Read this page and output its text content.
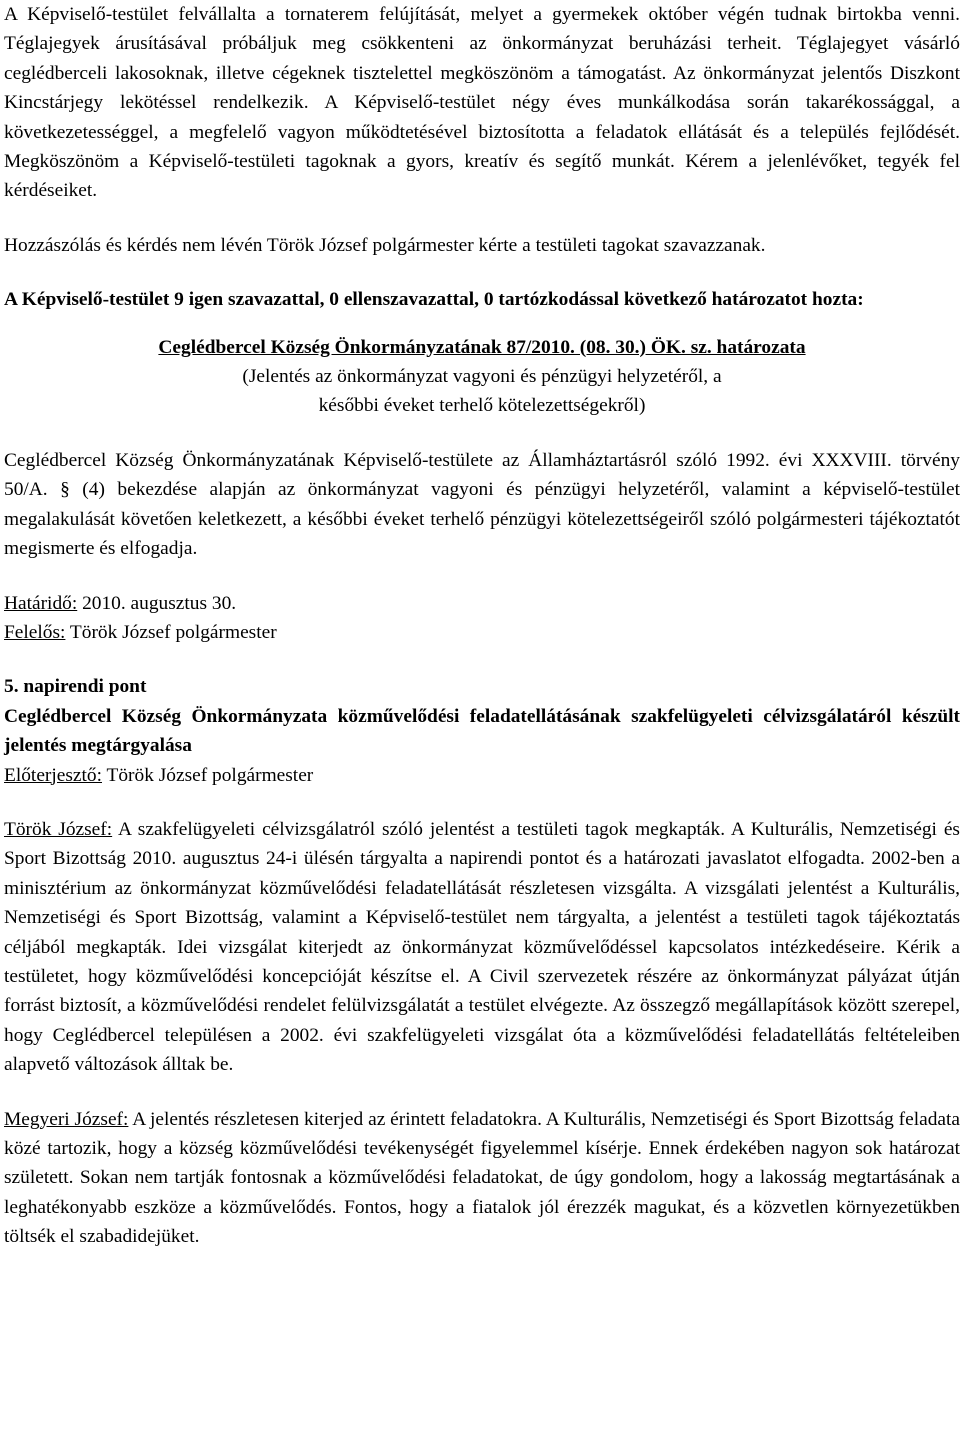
A Képviselő-testület felvállalta a tornaterem felújítását, melyet a gyermekek október végén tudnak birtokba venni. Téglajegyek árusításával próbáljuk meg csökkenteni az önkormányzat beruházási terheit. Téglajegyet vásárló ceglédberceli lakosoknak, illetve cégeknek tisztelettel megköszönöm a támogatást. Az önkormányzat jelentős Diszkont Kincstárjegy lekötéssel rendelkezik. A Képviselő-testület négy éves munkálkodása során takarékossággal, a következetességgel, a megfelelő vagyon működtetésével biztosította a feladatok ellátását és a település fejlődését. Megköszönöm a Képviselő-testületi tagoknak a gyors, kreatív és segítő munkát. Kérem a jelenlévőket, tegyék fel kérdéseiket.

Hozzászólás és kérdés nem lévén Török József polgármester kérte a testületi tagokat szavazzanak.

A Képviselő-testület 9 igen szavazattal, 0 ellenszavazattal, 0 tartózkodással következő határozatot hozta:

Ceglédbercel Község Önkormányzatának 87/2010. (08. 30.) ÖK. sz. határozata

(Jelentés az önkormányzat vagyoni és pénzügyi helyzetéről, a későbbi éveket terhelő kötelezettségekről)

Ceglédbercel Község Önkormányzatának Képviselő-testülete az Államháztartásról szóló 1992. évi XXXVIII. törvény 50/A. § (4) bekezdése alapján az önkormányzat vagyoni és pénzügyi helyzetéről, valamint a képviselő-testület megalakulását követően keletkezett, a későbbi éveket terhelő pénzügyi kötelezettségeiről szóló polgármesteri tájékoztatót megismerte és elfogadja.

Határidő: 2010. augusztus 30.

Felelős: Török József polgármester

5. napirendi pont

Ceglédbercel Község Önkormányzata közművelődési feladatellátásának szakfelügyeleti célvizsgálatáról készült jelentés megtárgyalása

Előterjesztő: Török József polgármester

Török József: A szakfelügyeleti célvizsgálatról szóló jelentést a testületi tagok megkapták. A Kulturális, Nemzetiségi és Sport Bizottság 2010. augusztus 24-i ülésén tárgyalta a napirendi pontot és a határozati javaslatot elfogadta. 2002-ben a minisztérium az önkormányzat közművelődési feladatellátását részletesen vizsgálta. A vizsgálati jelentést a Kulturális, Nemzetiségi és Sport Bizottság, valamint a Képviselő-testület nem tárgyalta, a jelentést a testületi tagok tájékoztatás céljából megkapták. Idei vizsgálat kiterjedt az önkormányzat közművelődéssel kapcsolatos intézkedéseire. Kérik a testületet, hogy közművelődési koncepcióját készítse el. A Civil szervezetek részére az önkormányzat pályázat útján forrást biztosít, a közművelődési rendelet felülvizsgálatát a testület elvégezte. Az összegző megállapítások között szerepel, hogy Ceglédbercel településen a 2002. évi szakfelügyeleti vizsgálat óta a közművelődési feladatellátás feltételeiben alapvető változások álltak be.

Megyeri József: A jelentés részletesen kiterjed az érintett feladatokra. A Kulturális, Nemzetiségi és Sport Bizottság feladata közé tartozik, hogy a község közművelődési tevékenységét figyelemmel kísérje. Ennek érdekében nagyon sok határozat született. Sokan nem tartják fontosnak a közművelődési feladatokat, de úgy gondolom, hogy a lakosság megtartásának a leghatékonyabb eszköze a közművelődés. Fontos, hogy a fiatalok jól érezzék magukat, és a közvetlen környezetükben töltsék el szabadidejüket.
